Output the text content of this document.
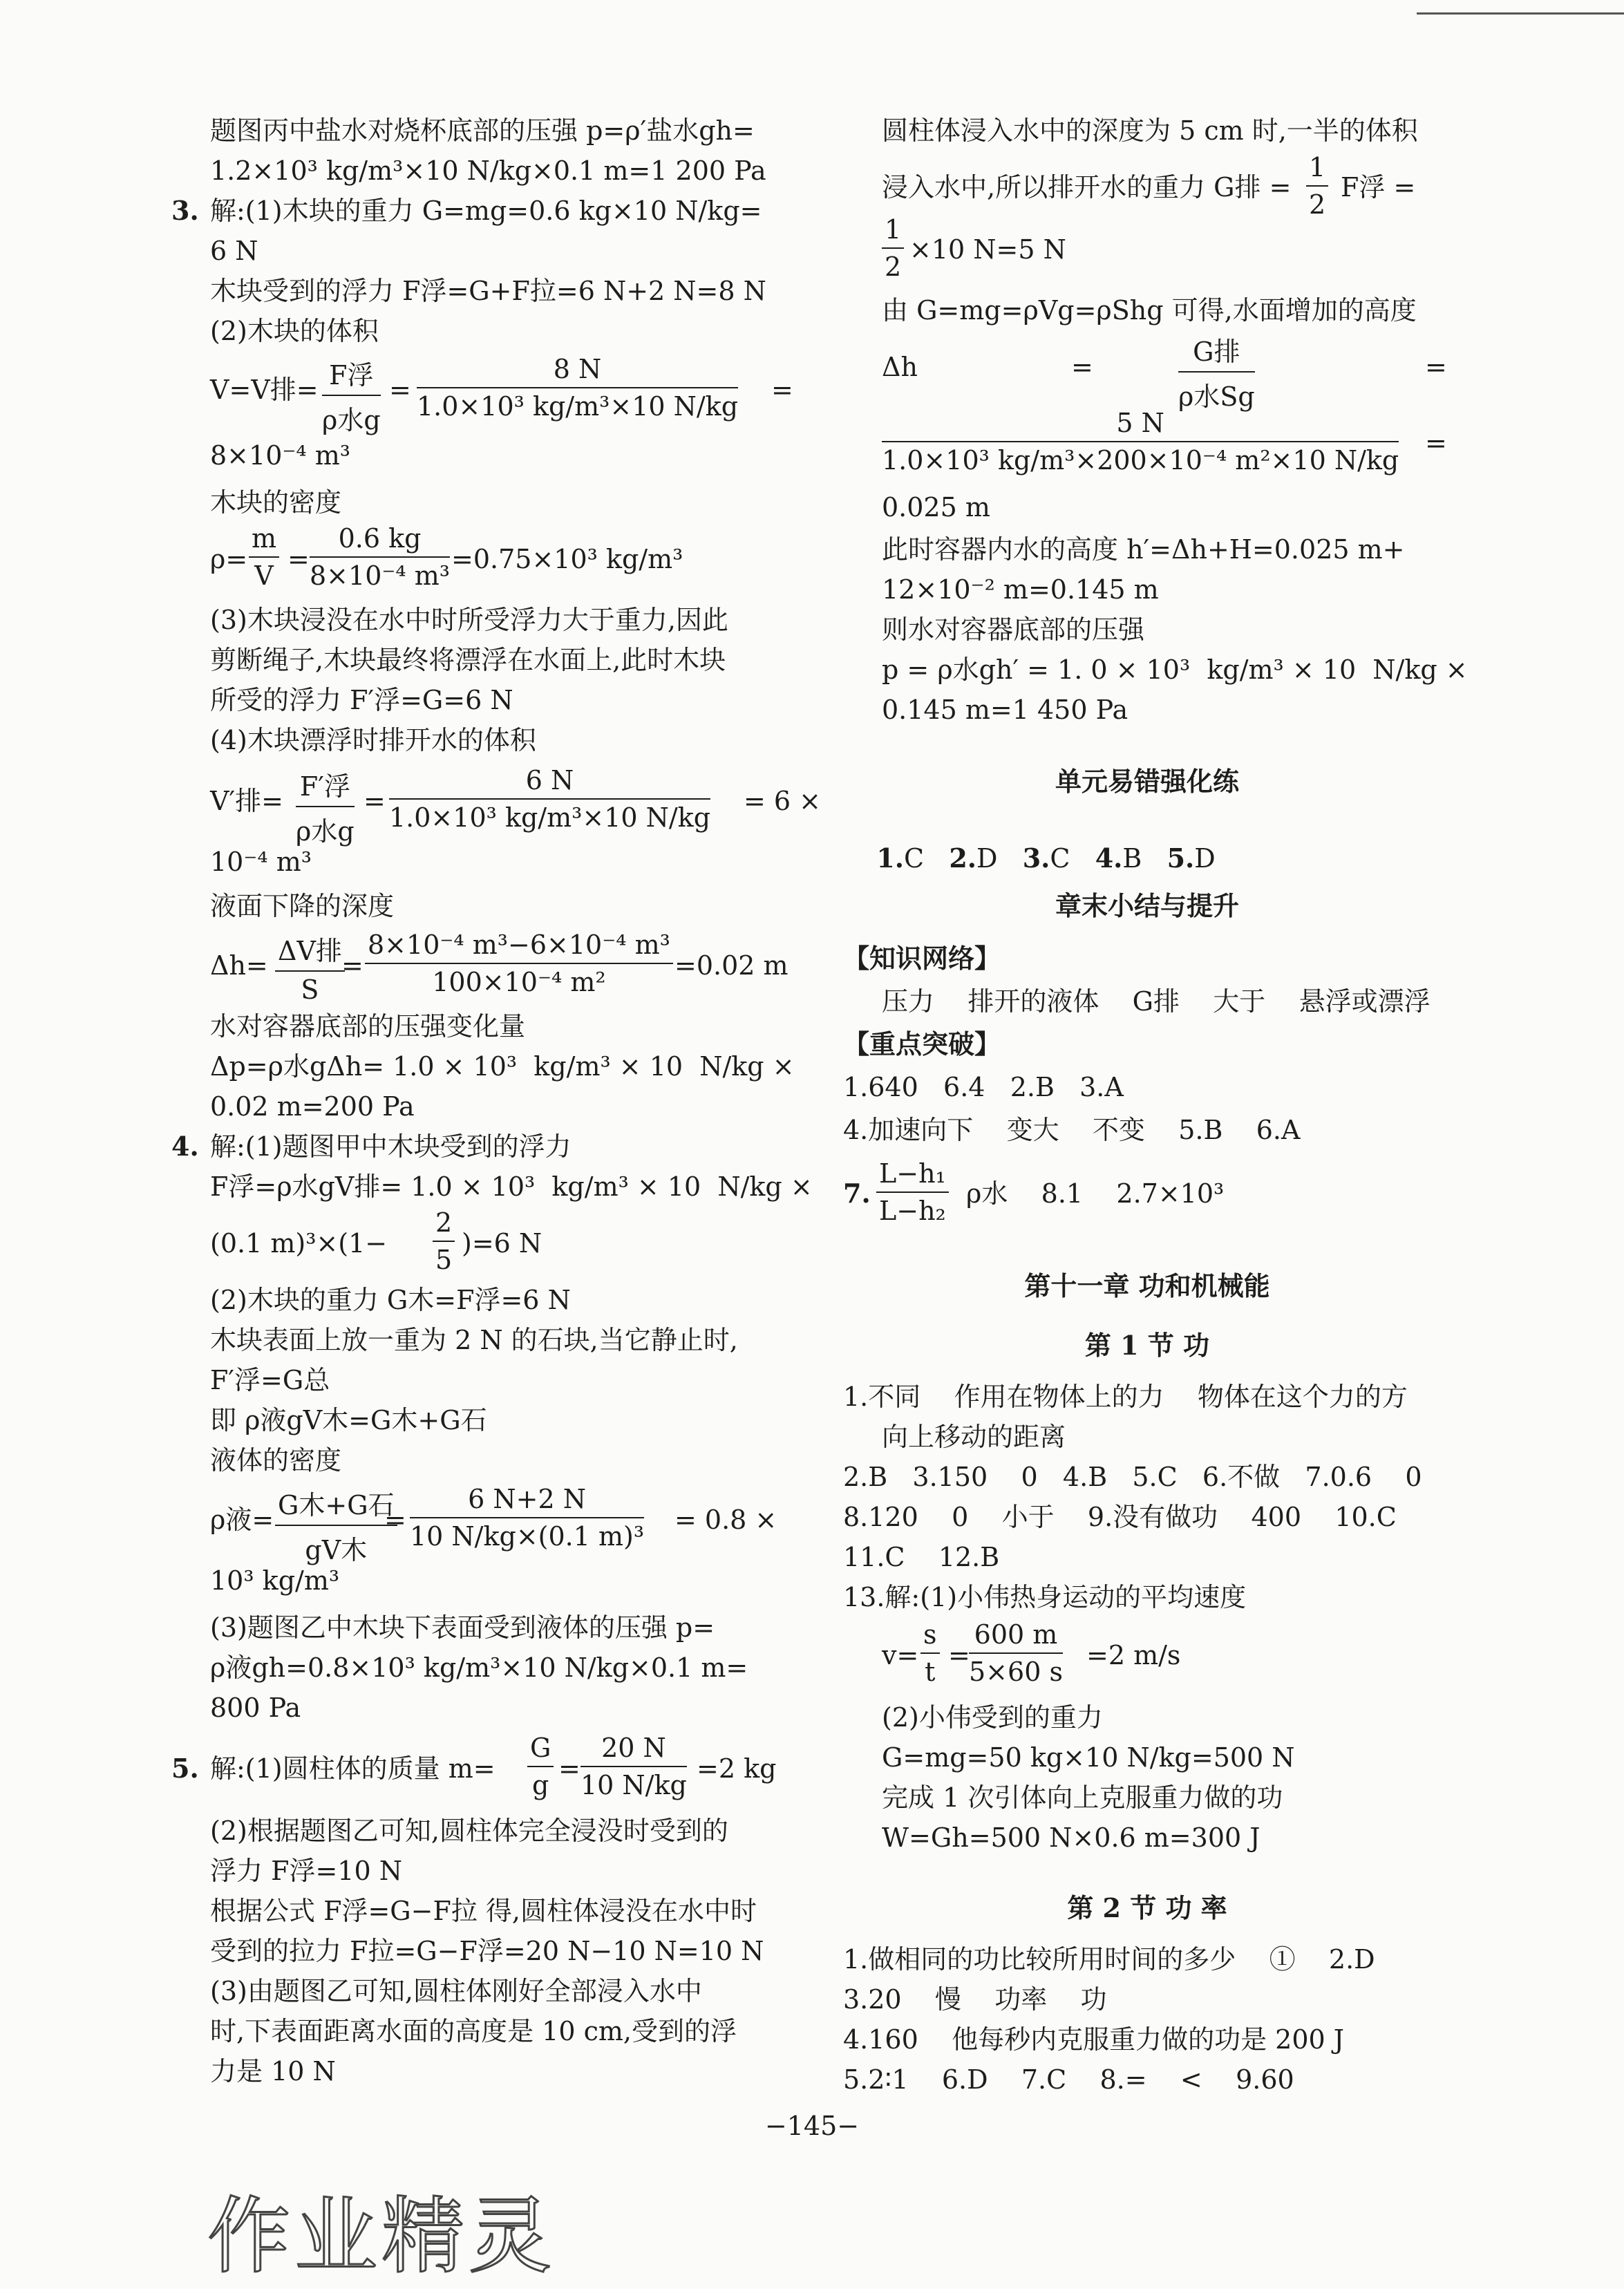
题图丙中盐水对烧杯底部的压强 p=ρ′盐水gh=
1.2×10³ kg/m³×10 N/kg×0.1 m=1 200 Pa
3. 解:(1)木块的重力 G=mg=0.6 kg×10 N/kg=
6 N
木块受到的浮力 F浮=G+F拉=6 N+2 N=8 N
(2)木块的体积
V=V排= F浮
ρ水g
= $\frac{8 N}{\text{1.0×10³ kg/m³×10 N/kg}}$ =
8×10⁻⁴ m³
木块的密度
$\rho= \frac{m}{V} = \frac{0.6 kg}{\text{8×10⁻⁴ m³}} =0.75\times 10^3$ kg/m³
(3)木块浸没在水中时所受浮力大于重力,因此
剪断绳子,木块最终将漂浮在水面上,此时木块
所受的浮力 F′浮=G=6 N
(4)木块漂浮时排开水的体积
V′排= F′浮
ρ水g
= $\frac{6 N}{\text{1.0×10³ kg/m³×10 N/kg}} = 6$ ×
10⁻⁴ m³
液面下降的深度
Δh= ΔV排
S
= $\frac{\text{8×10⁻⁴ m³−6×10⁻⁴ m³}}{\text{100×10⁻⁴ m²}} =0.02$ m
水对容器底部的压强变化量
Δp=ρ水gΔh= 1.0 × 10³  kg/m³ × 10  N/kg ×
0.02 m=200 Pa
4. 解:(1)题图甲中木块受到的浮力
F浮=ρ水gV排= 1.0 × 10³  kg/m³ × 10  N/kg ×
(0.1 $m)^3\times(1- \frac{2}{5} )=6$ N
(2)木块的重力 G木=F浮=6 N
木块表面上放一重为 2 N 的石块,当它静止时,
F′浮=G总
即 ρ液gV木=G木+G石
液体的密度
ρ液= G木+G石
gV木
= $\frac{6 N+2 N}{\text{10 N/kg×(0.1 m)³}} = 0.8$ ×
10³ kg/m³
(3)题图乙中木块下表面受到液体的压强 p=
ρ液gh=0.8×10³ kg/m³×10 N/kg×0.1 m=
800 Pa
5. 解:(1)圆柱体的质量 $m= \frac{G}{g} = \frac{20 N}{10 N/kg} =2$ kg
(2)根据题图乙可知,圆柱体完全浸没时受到的
浮力 F浮=10 N
根据公式 F浮=G−F拉 得,圆柱体浸没在水中时
受到的拉力 F拉=G−F浮=20 N−10 N=10 N
(3)由题图乙可知,圆柱体刚好全部浸入水中
时,下表面距离水面的高度是 10 cm,受到的浮
力是 10 N
圆柱体浸入水中的深度为 5 cm 时,一半的体积
浸入水中,所以排开水的重力 G排 = $\frac{1}{2}$ F浮 =
$\frac{1}{2} \times 10$ N=5 N
由 G=mg=ρVg=ρShg 可得,水面增加的高度
Δh	=	G排
ρ水Sg
=
$\frac{5 N}{\text{1.0×10³ kg/m³×200×10⁻⁴ m²×10 N/kg}}$ =
0.025 m
此时容器内水的高度 h′=Δh+H=0.025 m+
12×10⁻² m=0.145 m
则水对容器底部的压强
p = ρ水gh′ = 1. 0 × 10³  kg/m³ × 10  N/kg ×
0.145 m=1 450 Pa
单元易错强化练

1.C 2.D 3.C 4.B 5.D

章末小结与提升
【知识网络】
压力    排开的液体    G排    大于    悬浮或漂浮
【重点突破】
1.640   6.4   2.B   3.A
4.加速向下    变大    不变    5.B    6.A
7. $\frac{\text{L−h₁}}{\text{L−h₂}}$ ρ水    8.1    2.7×10³
第十一章 功和机械能
第 1 节 功
1.不同    作用在物体上的力    物体在这个力的方
向上移动的距离
2.B   3.150    0   4.B   5.C   6.不做   7.0.6    0
8.120    0    小于    9.没有做功    400    10.C
11.C    12.B
13.解:(1)小伟热身运动的平均速度
$v= \frac{s}{t}$ =
$\frac{600 m}{5\times 60 s} =2$ m/s
(2)小伟受到的重力
G=mg=50 kg×10 N/kg=500 N
完成 1 次引体向上克服重力做的功
W=Gh=500 N×0.6 m=300 J
第 2 节 功 率
1.做相同的功比较所用时间的多少    ①    2.D
3.20    慢    功率    功
4.160    他每秒内克服重力做的功是 200 J
5.2∶1    6.D    7.C    8.=    <    9.60
−145−
作业精灵
